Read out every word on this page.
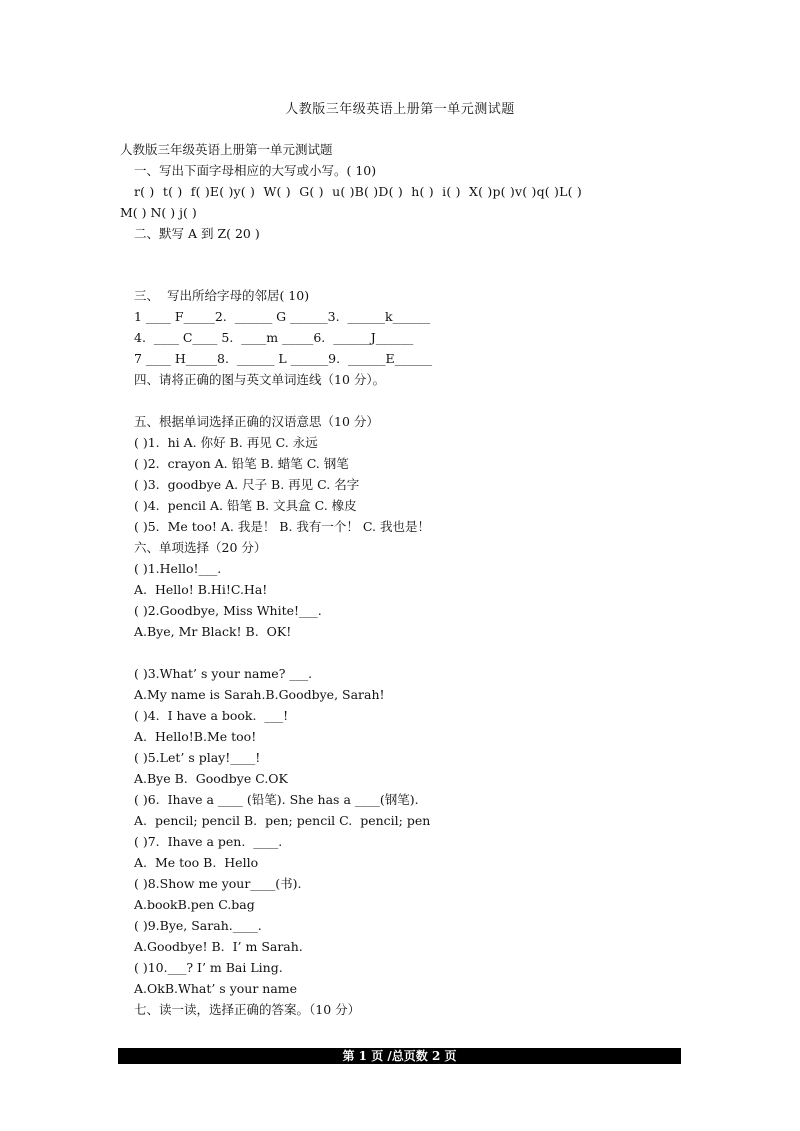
人教版三年级英语上册第一单元测试题
人教版三年级英语上册第一单元测试题
一、写出下面字母相应的大写或小写。( 10)
r( )  t( )  f( )E( )y( )  W( )  G( )  u( )B( )D( )  h( )  i( )  X( )p( )v( )q( )L( )
M( ) N( ) j( )
二、默写 A 到 Z( 20 )
三、  写出所给字母的邻居( 10)
1 ____ F_____2.  ______ G ______3.  ______k______
4.  ____ C____ 5.  ____m _____6.  ______J______
7 ____ H_____8.  ______ L ______9.  ______E______
四、请将正确的图与英文单词连线（10 分）。
五、根据单词选择正确的汉语意思（10 分）
( )1.  hi A. 你好 B. 再见 C. 永远
( )2.  crayon A. 铅笔 B. 蜡笔 C. 钢笔
( )3.  goodbye A. 尺子 B. 再见 C. 名字
( )4.  pencil A. 铅笔 B. 文具盒 C. 橡皮
( )5.  Me too! A. 我是！ B. 我有一个！ C. 我也是！
六、单项选择（20 分）
( )1.Hello!___.
A.  Hello! B.Hi!C.Ha!
( )2.Goodbye, Miss White!___.
A.Bye, Mr Black! B.  OK!
( )3.What’ s your name? ___.
A.My name is Sarah.B.Goodbye, Sarah!
( )4.  I have a book.  ___!
A.  Hello!B.Me too!
( )5.Let’ s play!____!
A.Bye B.  Goodbye C.OK
( )6.  Ihave a ____ (铅笔). She has a ____(钢笔).
A.  pencil; pencil B.  pen; pencil C.  pencil; pen
( )7.  Ihave a pen.  ____.
A.  Me too B.  Hello
( )8.Show me your____(书).
A.bookB.pen C.bag
( )9.Bye, Sarah.____.
A.Goodbye! B.  I’ m Sarah.
( )10.___? I’ m Bai Ling.
A.OkB.What’ s your name
七、读一读，选择正确的答案。（10 分）
第 1 页 /总页数 2 页
